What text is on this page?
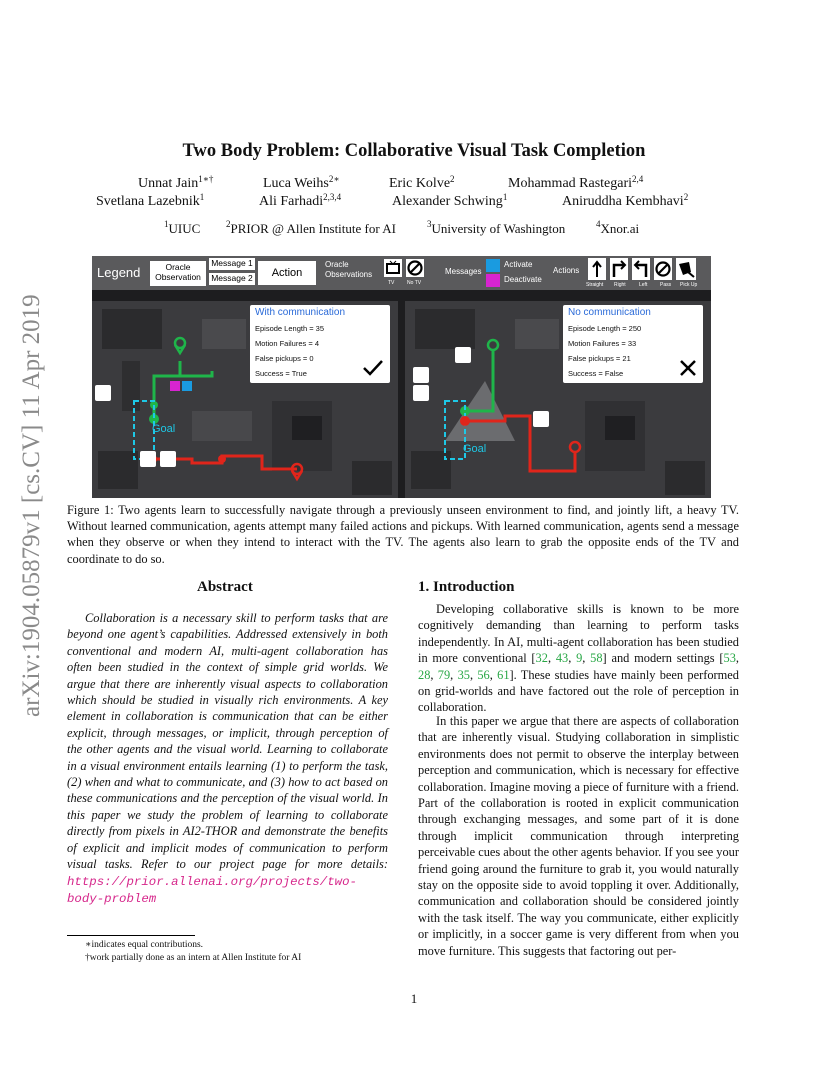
arXiv:1904.05879v1 [cs.CV] 11 Apr 2019
Two Body Problem: Collaborative Visual Task Completion
Unnat Jain$^{1∗\dagger}$	Luca Weihs$^{2∗}$	Eric Kolve$^2$	Mohammad Rastegari$^{2,4}$
Svetlana Lazebnik$^1$	Ali Farhadi$^{2,3,4}$	Alexander Schwing$^1$	Aniruddha Kembhavi$^2$
$^1$UIUC	$^2$PRIOR @ Allen Institute for AI	$^3$University of Washington	$^4$Xnor.ai
Legend	Oracle Observation
Message 1
Message 2	Action
Oracle Observations
TV	No TV
Messages
Activate
Deactivate
Actions
Straight Right	Left	Pass Pick Up
Goal
With communication
Episode Length = 35
Motion Failures = 4
False pickups = 0
Success = True
Goal
No communication
Episode Length = 250
Motion Failures = 33
False pickups = 21
Success = False
Figure 1: Two agents learn to successfully navigate through a previously unseen environment to find, and jointly lift, a heavy TV. Without learned communication, agents attempt many failed actions and pickups. With learned communication, agents send a message when they observe or when they intend to interact with the TV. The agents also learn to grab the opposite ends of the TV and coordinate to do so.
Abstract
Collaboration is a necessary skill to perform tasks that are beyond one agent’s capabilities. Addressed extensively in both conventional and modern AI, multi-agent collaboration has often been studied in the context of simple grid worlds. We argue that there are inherently visual aspects to collaboration which should be studied in visually rich environments. A key element in collaboration is communication that can be either explicit, through messages, or implicit, through perception of the other agents and the visual world. Learning to collaborate in a visual environment entails learning (1) to perform the task, (2) when and what to communicate, and (3) how to act based on these communications and the perception of the visual world. In this paper we study the problem of learning to collaborate directly from pixels in AI2-THOR and demonstrate the benefits of explicit and implicit modes of communication to perform visual tasks. Refer to our project page for more details: https://prior.allenai.org/projects/two-body-problem
∗indicates equal contributions.
†work partially done as an intern at Allen Institute for AI
1. Introduction
Developing collaborative skills is known to be more cognitively demanding than learning to perform tasks independently. In AI, multi-agent collaboration has been studied in more conventional [32, 43, 9, 58] and modern settings [53, 28, 79, 35, 56, 61]. These studies have mainly been performed on grid-worlds and have factored out the role of perception in collaboration.
In this paper we argue that there are aspects of collaboration that are inherently visual. Studying collaboration in simplistic environments does not permit to observe the interplay between perception and communication, which is necessary for effective collaboration. Imagine moving a piece of furniture with a friend. Part of the collaboration is rooted in explicit communication through exchanging messages, and some part of it is done through implicit communication through interpreting perceivable cues about the other agents behavior. If you see your friend going around the furniture to grab it, you would naturally stay on the opposite side to avoid toppling it over. Additionally, communication and collaboration should be considered jointly with the task itself. The way you communicate, either explicitly or implicitly, in a soccer game is very different from when you move furniture. This suggests that factoring out per-
1
